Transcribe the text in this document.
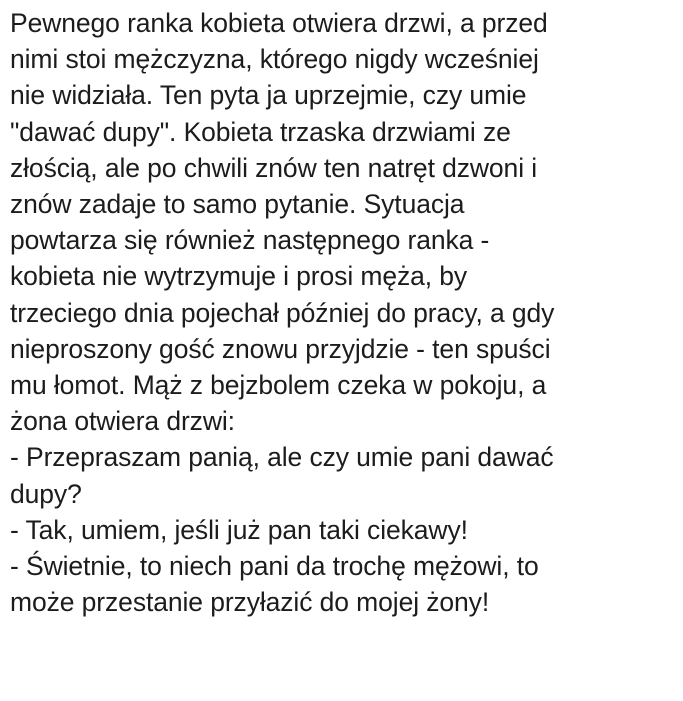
Pewnego ranka kobieta otwiera drzwi, a przed
nimi stoi mężczyzna, którego nigdy wcześniej
nie widziała. Ten pyta ja uprzejmie, czy umie
"dawać dupy". Kobieta trzaska drzwiami ze
złością, ale po chwili znów ten natręt dzwoni i
znów zadaje to samo pytanie. Sytuacja
powtarza się również następnego ranka -
kobieta nie wytrzymuje i prosi męża, by
trzeciego dnia pojechał później do pracy, a gdy
nieproszony gość znowu przyjdzie - ten spuści
mu łomot. Mąż z bejzbolem czeka w pokoju, a
żona otwiera drzwi:
- Przepraszam panią, ale czy umie pani dawać
dupy?
- Tak, umiem, jeśli już pan taki ciekawy!
- Świetnie, to niech pani da trochę mężowi, to
może przestanie przyłazić do mojej żony!
